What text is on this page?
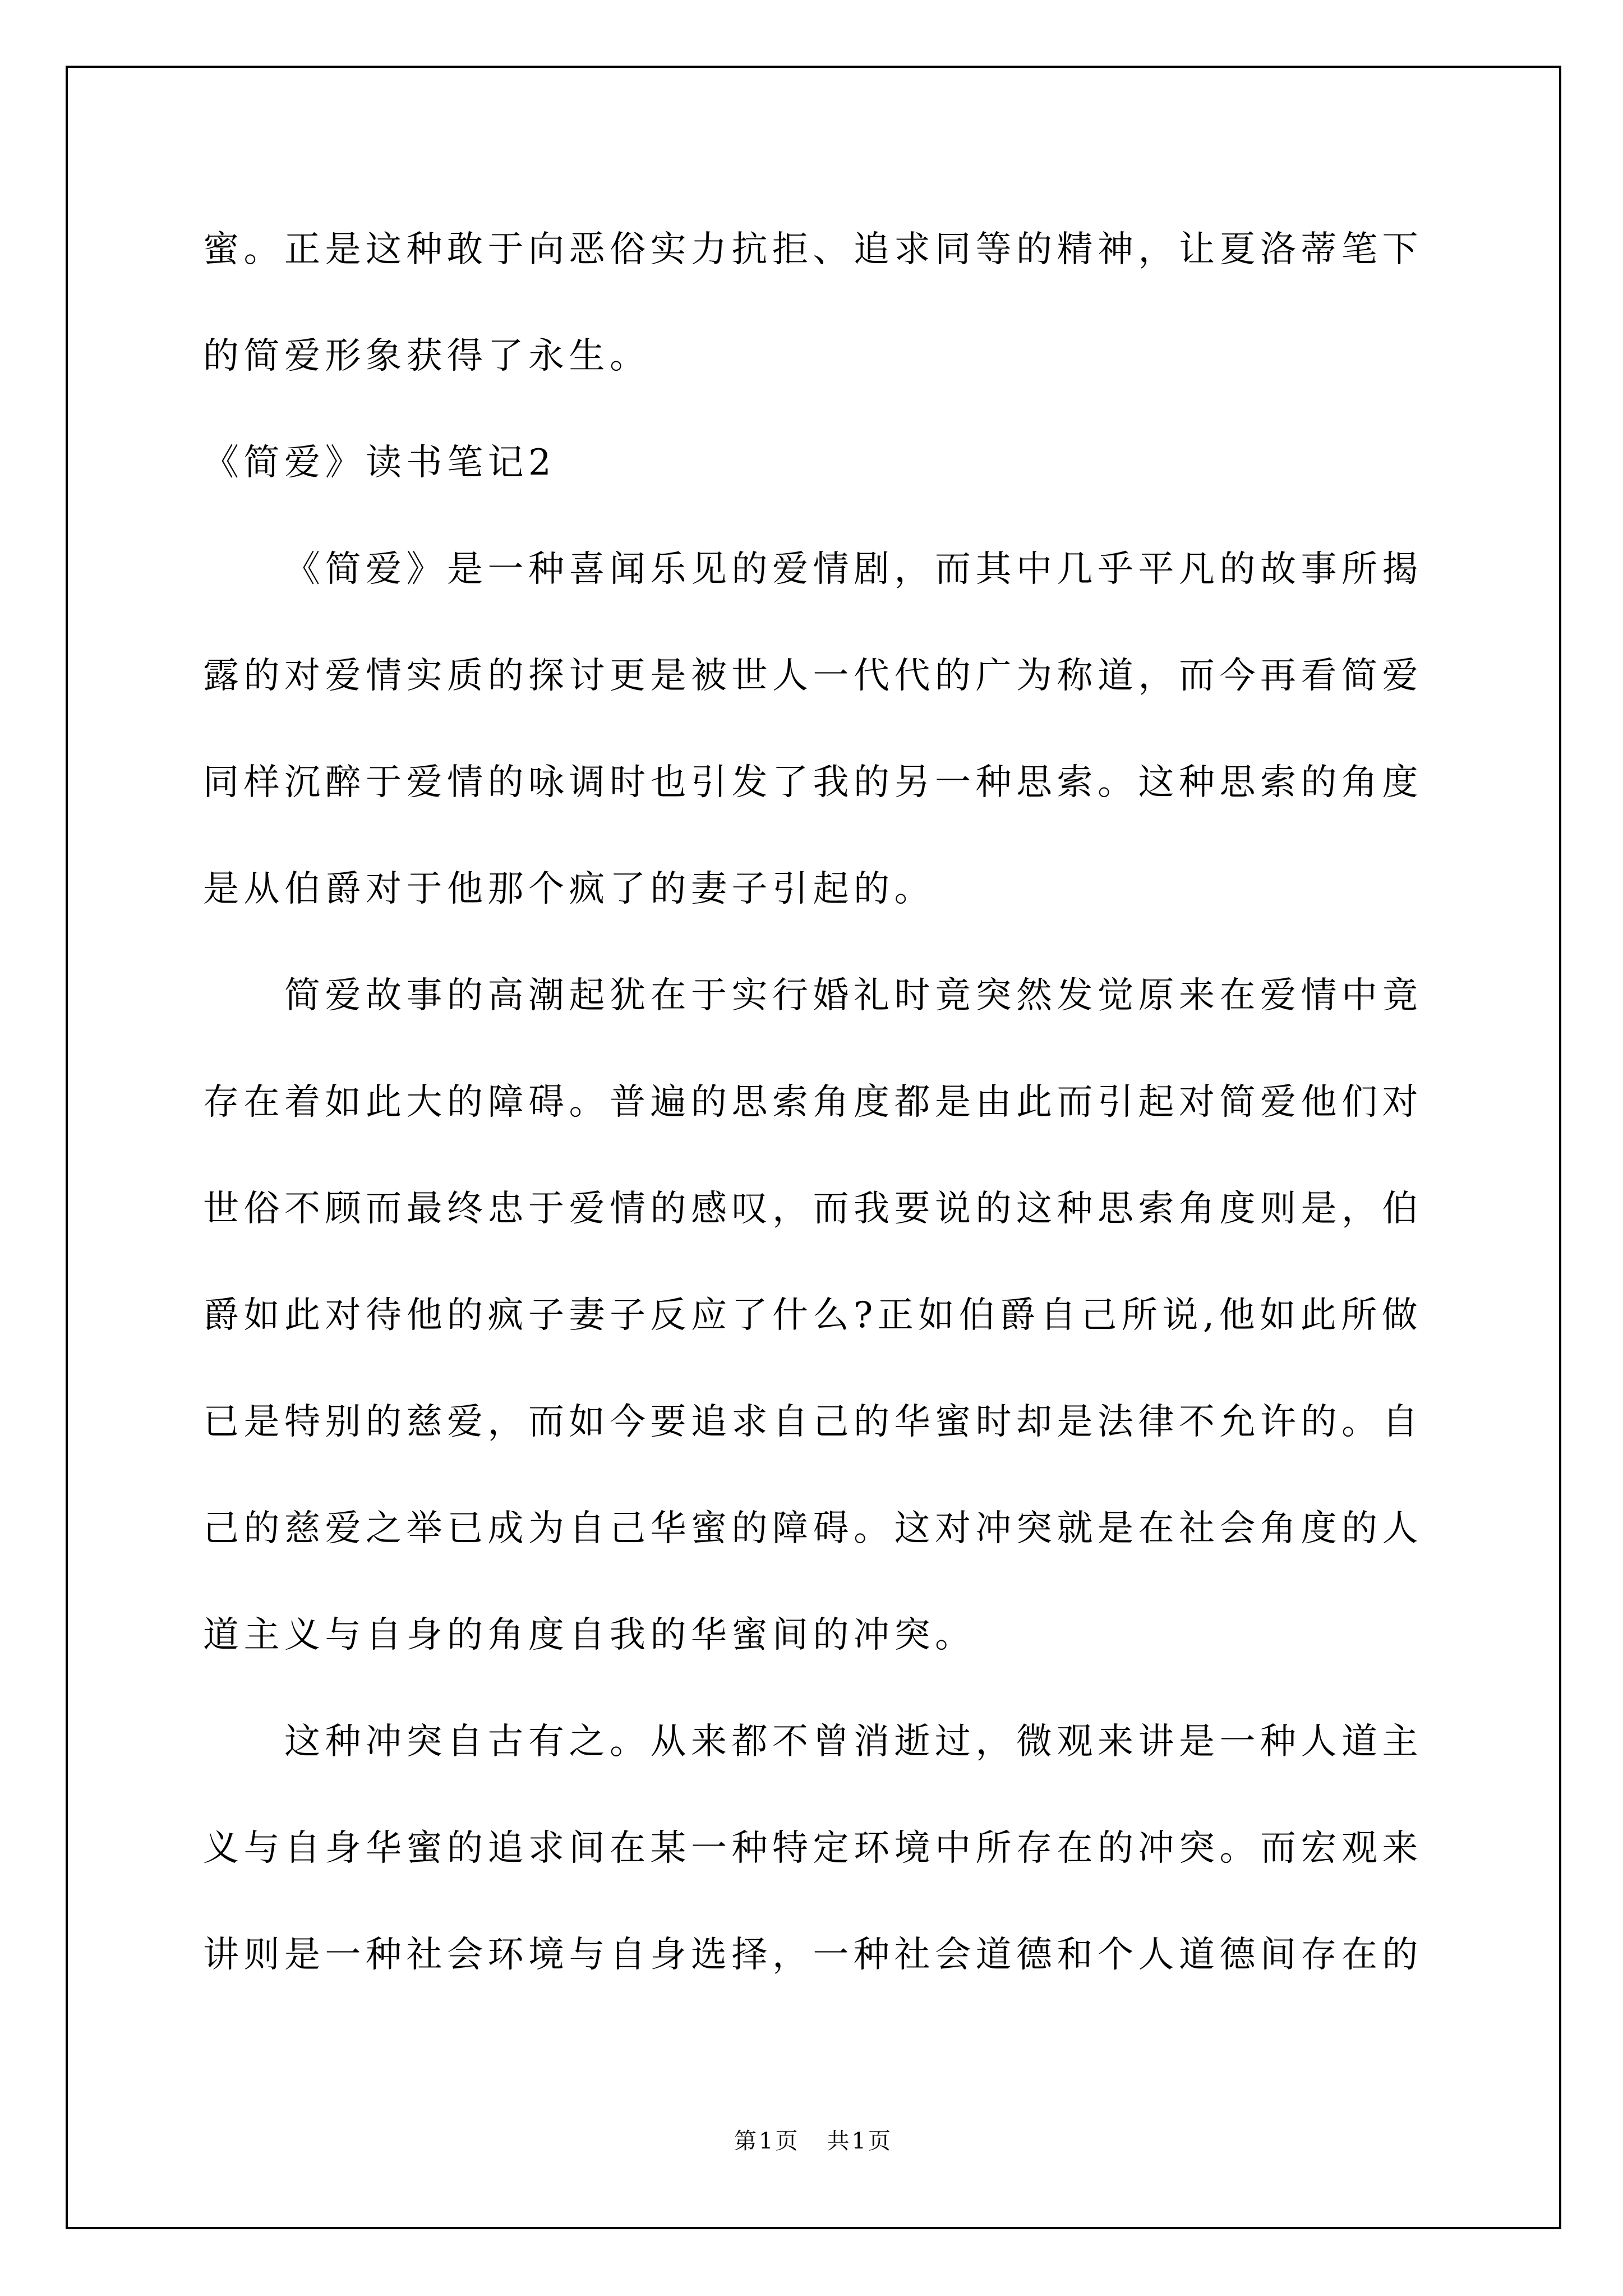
蜜。正是这种敢于向恶俗实力抗拒、追求同等的精神，让夏洛蒂笔下
的简爱形象获得了永生。
《简爱》读书笔记2
《简爱》是一种喜闻乐见的爱情剧，而其中几乎平凡的故事所揭
露的对爱情实质的探讨更是被世人一代代的广为称道，而今再看简爱
同样沉醉于爱情的咏调时也引发了我的另一种思索。这种思索的角度
是从伯爵对于他那个疯了的妻子引起的。
简爱故事的高潮起犹在于实行婚礼时竟突然发觉原来在爱情中竟
存在着如此大的障碍。普遍的思索角度都是由此而引起对简爱他们对
世俗不顾而最终忠于爱情的感叹，而我要说的这种思索角度则是，伯
爵如此对待他的疯子妻子反应了什么?正如伯爵自己所说,他如此所做
已是特别的慈爱，而如今要追求自己的华蜜时却是法律不允许的。自
己的慈爱之举已成为自己华蜜的障碍。这对冲突就是在社会角度的人
道主义与自身的角度自我的华蜜间的冲突。
这种冲突自古有之。从来都不曾消逝过，微观来讲是一种人道主
义与自身华蜜的追求间在某一种特定环境中所存在的冲突。而宏观来
讲则是一种社会环境与自身选择，一种社会道德和个人道德间存在的
第1页 共1页
